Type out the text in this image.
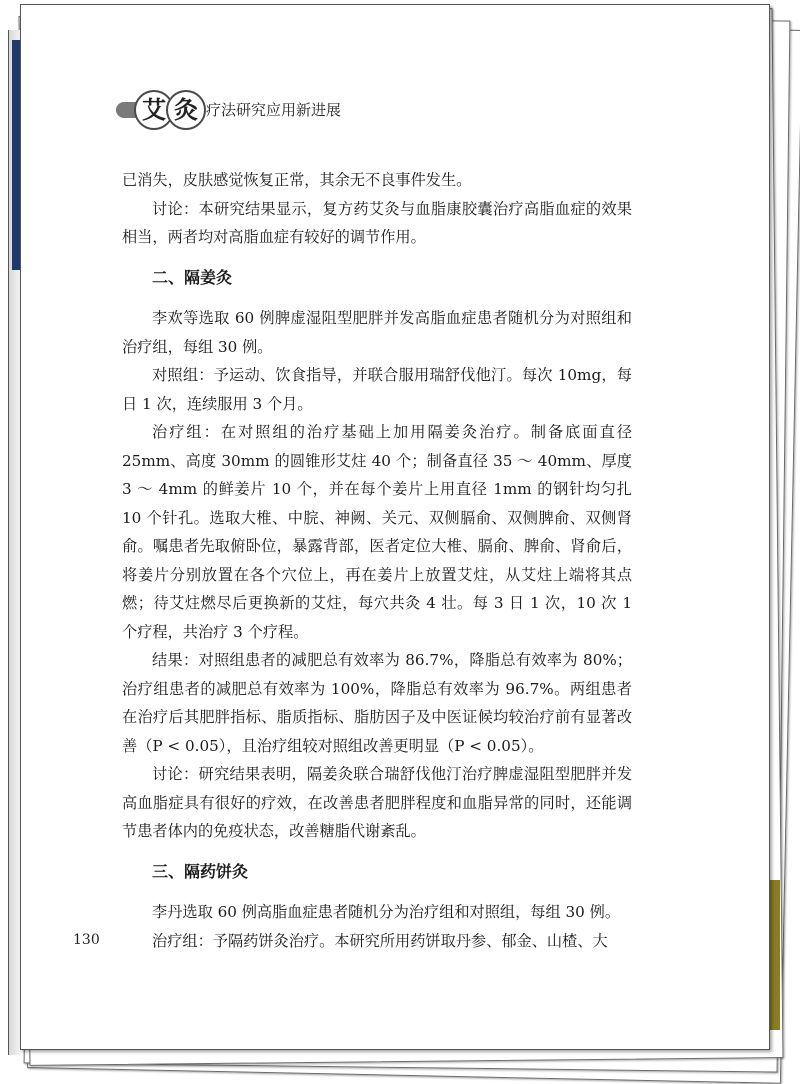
艾 灸 疗法研究应用新进展

已消失，皮肤感觉恢复正常，其余无不良事件发生。

讨论：本研究结果显示，复方药艾灸与血脂康胶囊治疗高脂血症的效果相当，两者均对高脂血症有较好的调节作用。

二、隔姜灸

李欢等选取 60 例脾虚湿阻型肥胖并发高脂血症患者随机分为对照组和治疗组，每组 30 例。

对照组：予运动、饮食指导，并联合服用瑞舒伐他汀。每次 10mg，每日 1 次，连续服用 3 个月。

治疗组：在对照组的治疗基础上加用隔姜灸治疗。制备底面直径 25mm、高度 30mm 的圆锥形艾炷 40 个；制备直径 35 ～ 40mm、厚度 3 ～ 4mm 的鲜姜片 10 个，并在每个姜片上用直径 1mm 的钢针均匀扎 10 个针孔。选取大椎、中脘、神阙、关元、双侧膈俞、双侧脾俞、双侧肾俞。嘱患者先取俯卧位，暴露背部，医者定位大椎、膈俞、脾俞、肾俞后，将姜片分别放置在各个穴位上，再在姜片上放置艾炷，从艾炷上端将其点燃；待艾炷燃尽后更换新的艾炷，每穴共灸 4 壮。每 3 日 1 次，10 次 1 个疗程，共治疗 3 个疗程。

结果：对照组患者的减肥总有效率为 86.7%，降脂总有效率为 80%；治疗组患者的减肥总有效率为 100%，降脂总有效率为 96.7%。两组患者在治疗后其肥胖指标、脂质指标、脂肪因子及中医证候均较治疗前有显著改善（P < 0.05），且治疗组较对照组改善更明显（P < 0.05）。

讨论：研究结果表明，隔姜灸联合瑞舒伐他汀治疗脾虚湿阻型肥胖并发高血脂症具有很好的疗效，在改善患者肥胖程度和血脂异常的同时，还能调节患者体内的免疫状态，改善糖脂代谢紊乱。

三、隔药饼灸

李丹选取 60 例高脂血症患者随机分为治疗组和对照组，每组 30 例。

治疗组：予隔药饼灸治疗。本研究所用药饼取丹参、郁金、山楂、大

130
